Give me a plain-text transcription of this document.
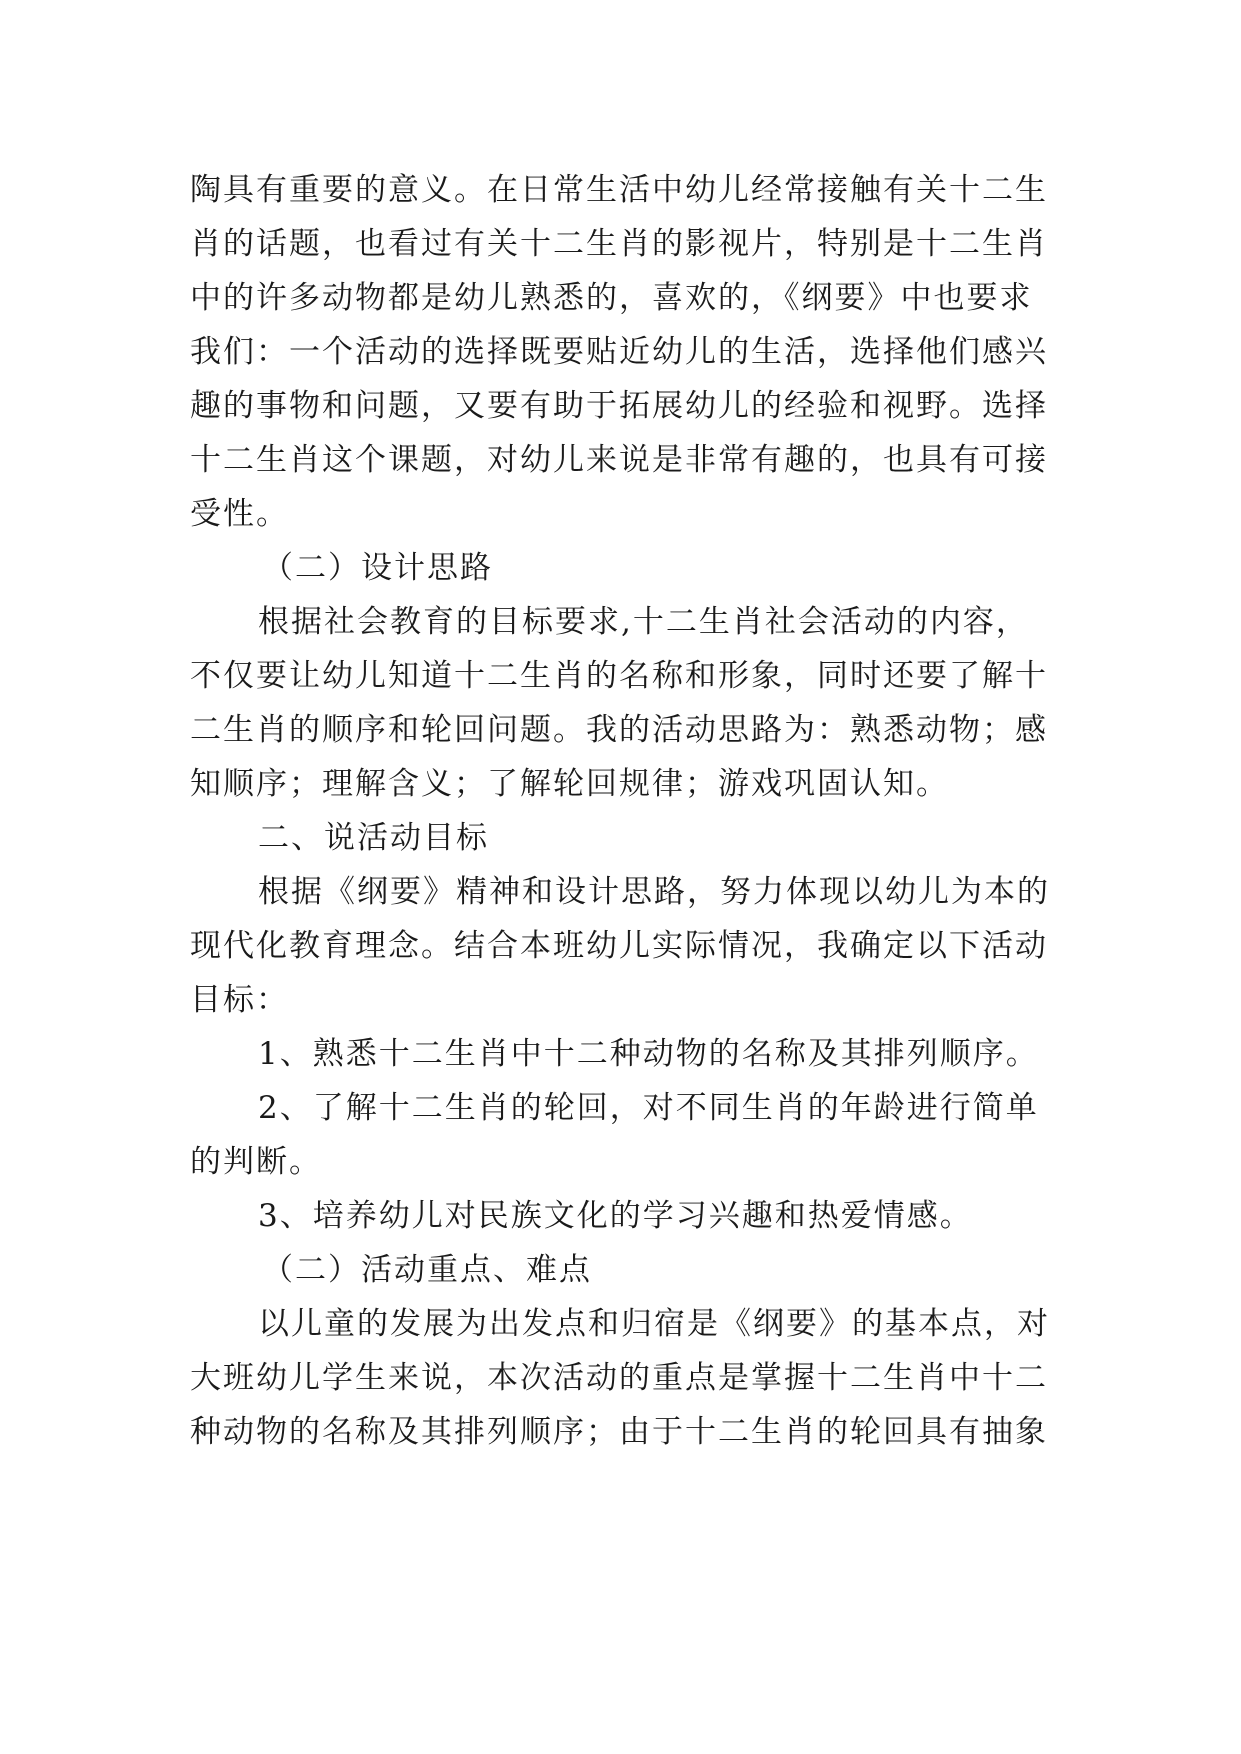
陶具有重要的意义。在日常生活中幼儿经常接触有关十二生
肖的话题，也看过有关十二生肖的影视片，特别是十二生肖
中的许多动物都是幼儿熟悉的，喜欢的，《纲要》中也要求
我们：一个活动的选择既要贴近幼儿的生活，选择他们感兴
趣的事物和问题，又要有助于拓展幼儿的经验和视野。选择
十二生肖这个课题，对幼儿来说是非常有趣的，也具有可接
受性。
（二）设计思路
根据社会教育的目标要求,十二生肖社会活动的内容，
不仅要让幼儿知道十二生肖的名称和形象，同时还要了解十
二生肖的顺序和轮回问题。我的活动思路为：熟悉动物；感
知顺序；理解含义；了解轮回规律；游戏巩固认知。
二、说活动目标
根据《纲要》精神和设计思路，努力体现以幼儿为本的
现代化教育理念。结合本班幼儿实际情况，我确定以下活动
目标：
1、熟悉十二生肖中十二种动物的名称及其排列顺序。
2、了解十二生肖的轮回，对不同生肖的年龄进行简单
的判断。
3、培养幼儿对民族文化的学习兴趣和热爱情感。
（二）活动重点、难点
以儿童的发展为出发点和归宿是《纲要》的基本点，对
大班幼儿学生来说，本次活动的重点是掌握十二生肖中十二
种动物的名称及其排列顺序；由于十二生肖的轮回具有抽象
